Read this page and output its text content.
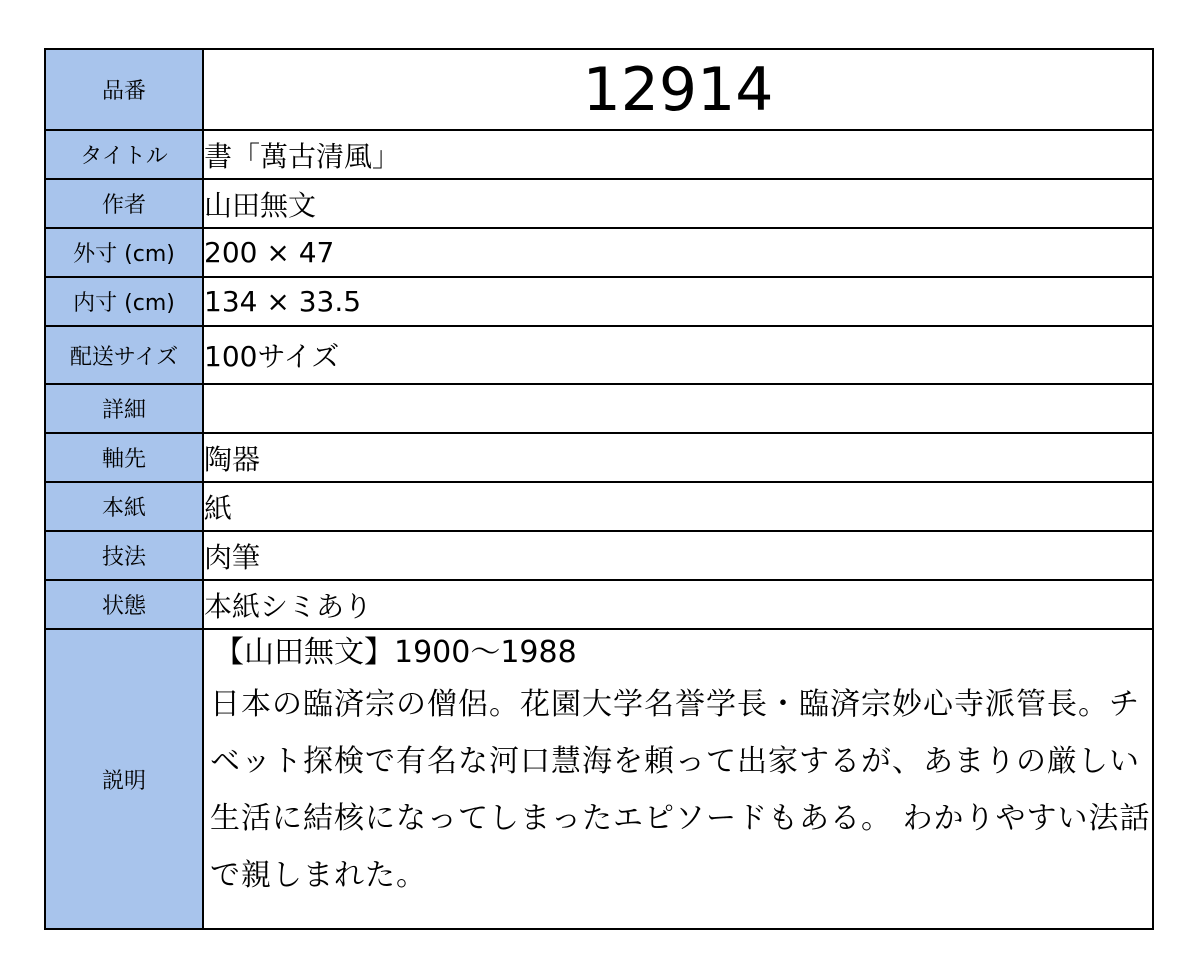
品番	12914
タイトル	書「萬古清風」
作者	山田無文
外寸 (cm)	200 × 47
内寸 (cm)	134 × 33.5
配送サイズ	100サイズ
詳細	
軸先	陶器
本紙	紙
技法	肉筆
状態	本紙シミあり
説明	【山田無文】1900〜1988

日本の臨済宗の僧侶。花園大学名誉学長・臨済宗妙心寺派管長。チベット探検で有名な河口慧海を頼って出家するが、あまりの厳しい生活に結核になってしまったエピソードもある。 わかりやすい法話で親しまれた。
